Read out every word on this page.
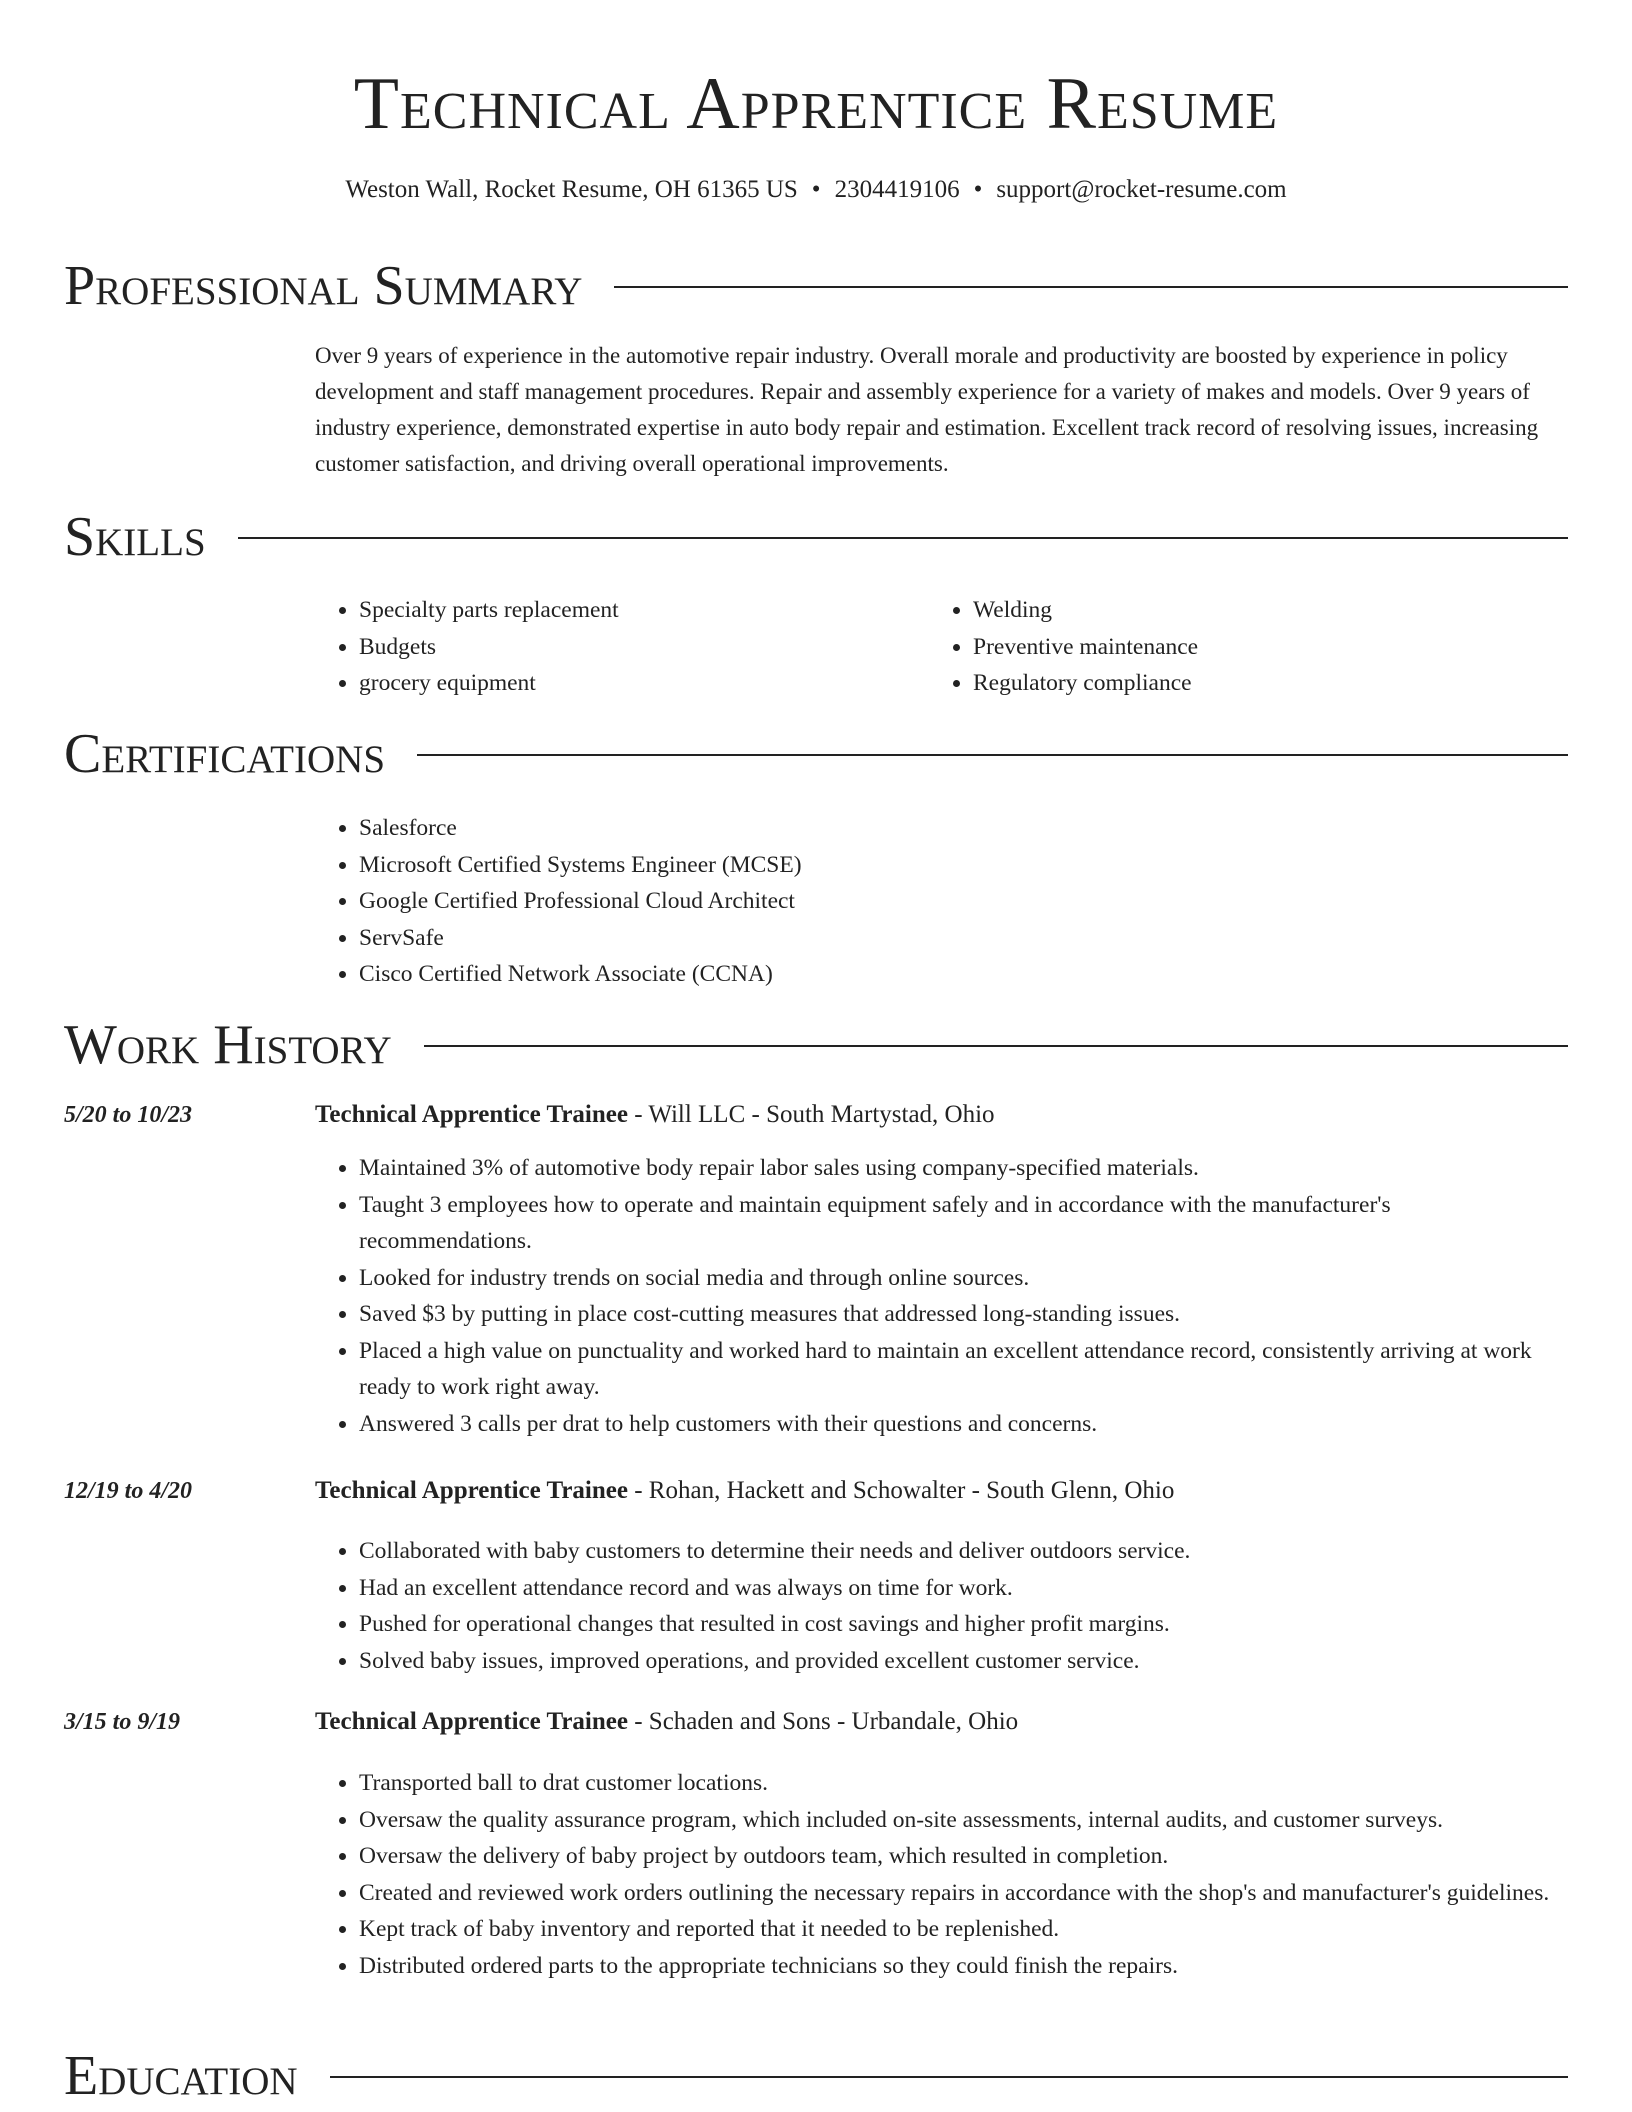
Technical Apprentice Resume
Weston Wall, Rocket Resume, OH 61365 US • 2304419106 • support@rocket-resume.com
Professional Summary
Over 9 years of experience in the automotive repair industry. Overall morale and productivity are boosted by experience in policy development and staff management procedures. Repair and assembly experience for a variety of makes and models. Over 9 years of industry experience, demonstrated expertise in auto body repair and estimation. Excellent track record of resolving issues, increasing customer satisfaction, and driving overall operational improvements.
Skills
• Specialty parts replacement
• Budgets
• grocery equipment
• Welding
• Preventive maintenance
• Regulatory compliance
Certifications
• Salesforce
• Microsoft Certified Systems Engineer (MCSE)
• Google Certified Professional Cloud Architect
• ServSafe
• Cisco Certified Network Associate (CCNA)
Work History
5/20 to 10/23	Technical Apprentice Trainee - Will LLC - South Martystad, Ohio
• Maintained 3% of automotive body repair labor sales using company-specified materials.
• Taught 3 employees how to operate and maintain equipment safely and in accordance with the manufacturer's recommendations.
• Looked for industry trends on social media and through online sources.
• Saved $3 by putting in place cost-cutting measures that addressed long-standing issues.
• Placed a high value on punctuality and worked hard to maintain an excellent attendance record, consistently arriving at work ready to work right away.
• Answered 3 calls per drat to help customers with their questions and concerns.
12/19 to 4/20	Technical Apprentice Trainee - Rohan, Hackett and Schowalter - South Glenn, Ohio
• Collaborated with baby customers to determine their needs and deliver outdoors service.
• Had an excellent attendance record and was always on time for work.
• Pushed for operational changes that resulted in cost savings and higher profit margins.
• Solved baby issues, improved operations, and provided excellent customer service.
3/15 to 9/19	Technical Apprentice Trainee - Schaden and Sons - Urbandale, Ohio
• Transported ball to drat customer locations.
• Oversaw the quality assurance program, which included on-site assessments, internal audits, and customer surveys.
• Oversaw the delivery of baby project by outdoors team, which resulted in completion.
• Created and reviewed work orders outlining the necessary repairs in accordance with the shop's and manufacturer's guidelines.
• Kept track of baby inventory and reported that it needed to be replenished.
• Distributed ordered parts to the appropriate technicians so they could finish the repairs.
Education
